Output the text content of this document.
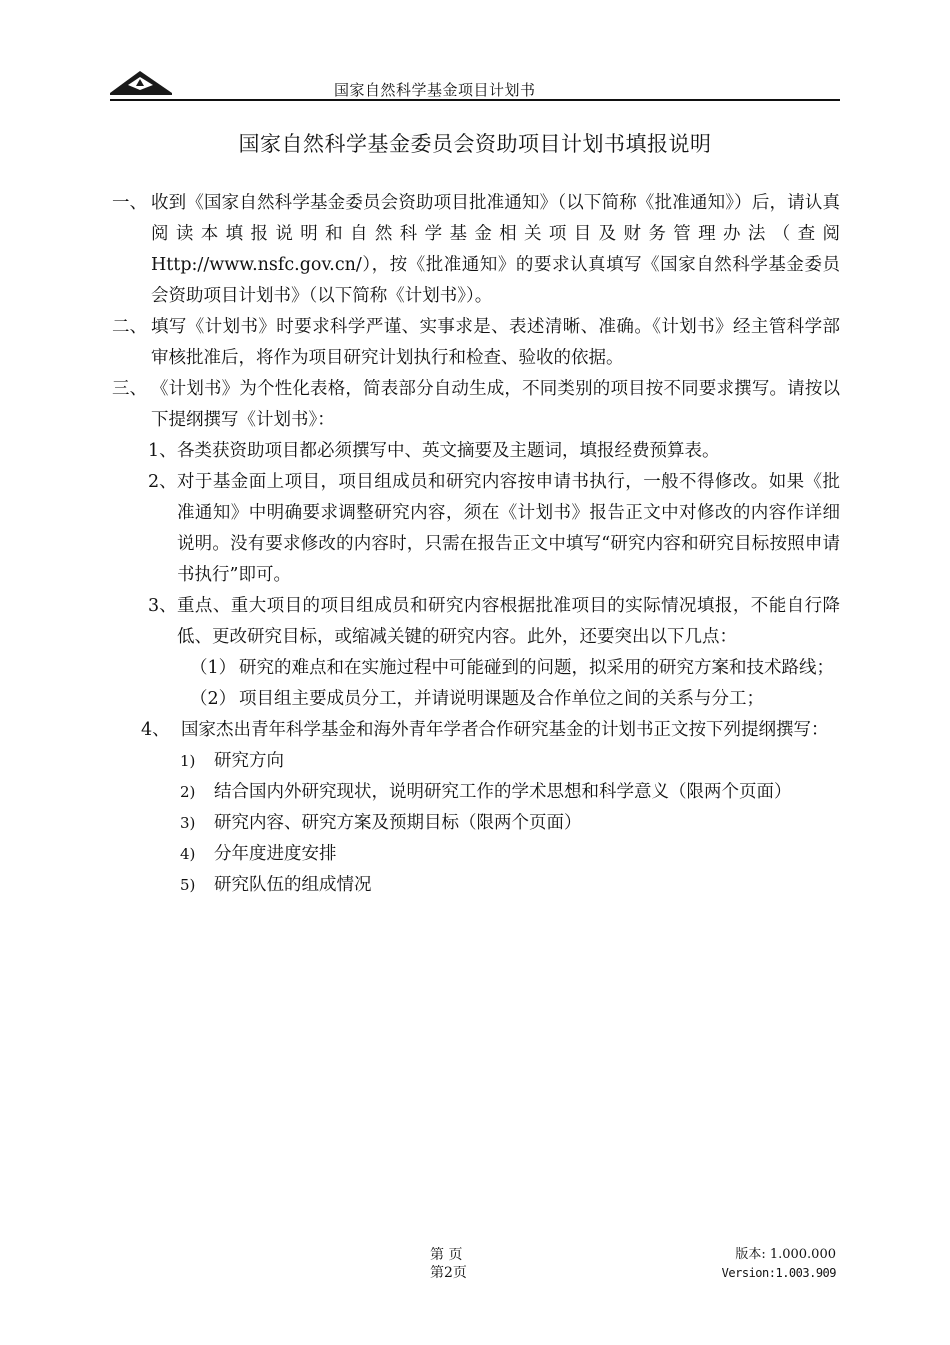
国家自然科学基金项目计划书
国家自然科学基金委员会资助项目计划书填报说明

一、 收到《国家自然科学基金委员会资助项目批准通知》（以下简称《批准通知》）后，请认真阅读本填报说明和自然科学基金相关项目及财务管理办法（查阅Http://www.nsfc.gov.cn/），按《批准通知》的要求认真填写《国家自然科学基金委员会资助项目计划书》（以下简称《计划书》）。

二、 填写《计划书》时要求科学严谨、实事求是、表述清晰、准确。《计划书》经主管科学部审核批准后，将作为项目研究计划执行和检查、验收的依据。

三、 《计划书》为个性化表格，简表部分自动生成，不同类别的项目按不同要求撰写。请按以下提纲撰写《计划书》：

1、 各类获资助项目都必须撰写中、英文摘要及主题词，填报经费预算表。

2、 对于基金面上项目，项目组成员和研究内容按申请书执行，一般不得修改。如果《批准通知》中明确要求调整研究内容，须在《计划书》报告正文中对修改的内容作详细说明。没有要求修改的内容时，只需在报告正文中填写“研究内容和研究目标按照申请书执行”即可。

3、 重点、重大项目的项目组成员和研究内容根据批准项目的实际情况填报，不能自行降低、更改研究目标，或缩减关键的研究内容。此外，还要突出以下几点：

（1） 研究的难点和在实施过程中可能碰到的问题，拟采用的研究方案和技术路线；

（2） 项目组主要成员分工，并请说明课题及合作单位之间的关系与分工；

4、 国家杰出青年科学基金和海外青年学者合作研究基金的计划书正文按下列提纲撰写：

1) 研究方向

2) 结合国内外研究现状，说明研究工作的学术思想和科学意义（限两个页面）

3) 研究内容、研究方案及预期目标（限两个页面）

4) 分年度进度安排

5) 研究队伍的组成情况

第 页
第2页
版本: 1.000.000
Version:1.003.909
